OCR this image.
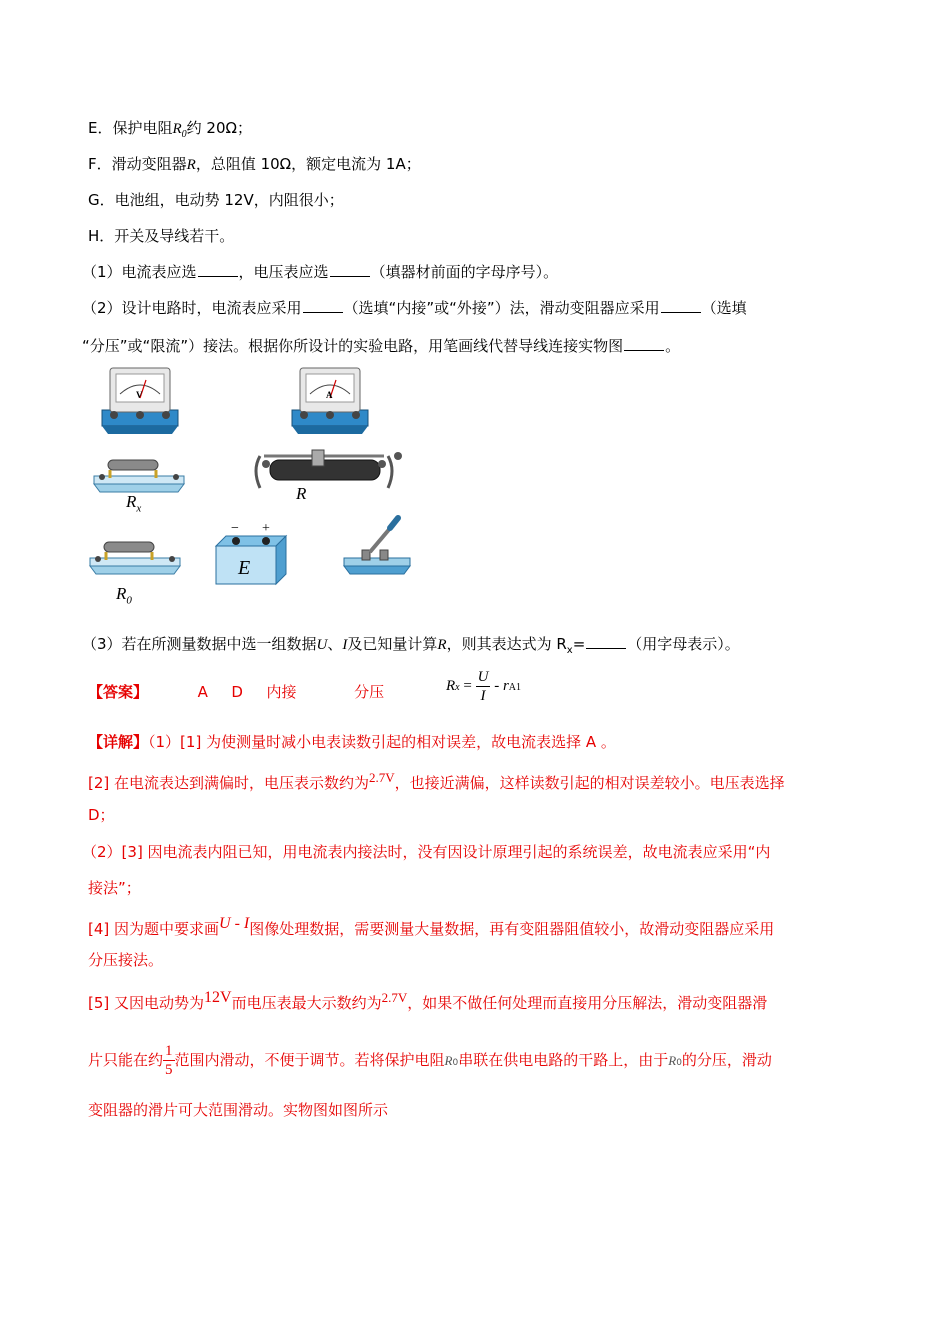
E．保护电阻$R_0$约 20Ω；
F．滑动变阻器R，总阻值 10Ω，额定电流为 1A；
G．电池组，电动势 12V，内阻很小；
H．开关及导线若干。
（1）电流表应选	，电压表应选	（填器材前面的字母序号）。
（2）设计电路时，电流表应采用	（选填“内接”或“外接”）法，滑动变阻器应采用	（选填
“分压”或“限流”）接法。根据你所设计的实验电路，用笔画线代替导线连接实物图	。
V	A
− +
E
$R_x$
R
$R_0$
（3）若在所测量数据中选一组数据U、I及已知量计算R，则其表达式为 $R_x=$	（用字母表示）。
【答案】	A D 内接	分压	$Rx = \frac{U}{I} - rA1$
【详解】（1）[1] 为使测量时减小电表读数引起的相对误差，故电流表选择 A 。
[2] 在电流表达到满偏时，电压表示数约为2.7V，也接近满偏，这样读数引起的相对误差较小。电压表选择
D；
（2）[3] 因电流表内阻已知，用电流表内接法时，没有因设计原理引起的系统误差，故电流表应采用“内
接法”；
[4] 因为题中要求画U - I图像处理数据，需要测量大量数据，再有变阻器阻值较小，故滑动变阻器应采用
分压接法。
[5] 又因电动势为12V而电压表最大示数约为2.7V，如果不做任何处理而直接用分压解法，滑动变阻器滑
片只能在约 $\frac{1}{5}$ 范围内滑动，不便于调节。若将保护电阻R0串联在供电电路的干路上，由于R0的分压，滑动
变阻器的滑片可大范围滑动。实物图如图所示
